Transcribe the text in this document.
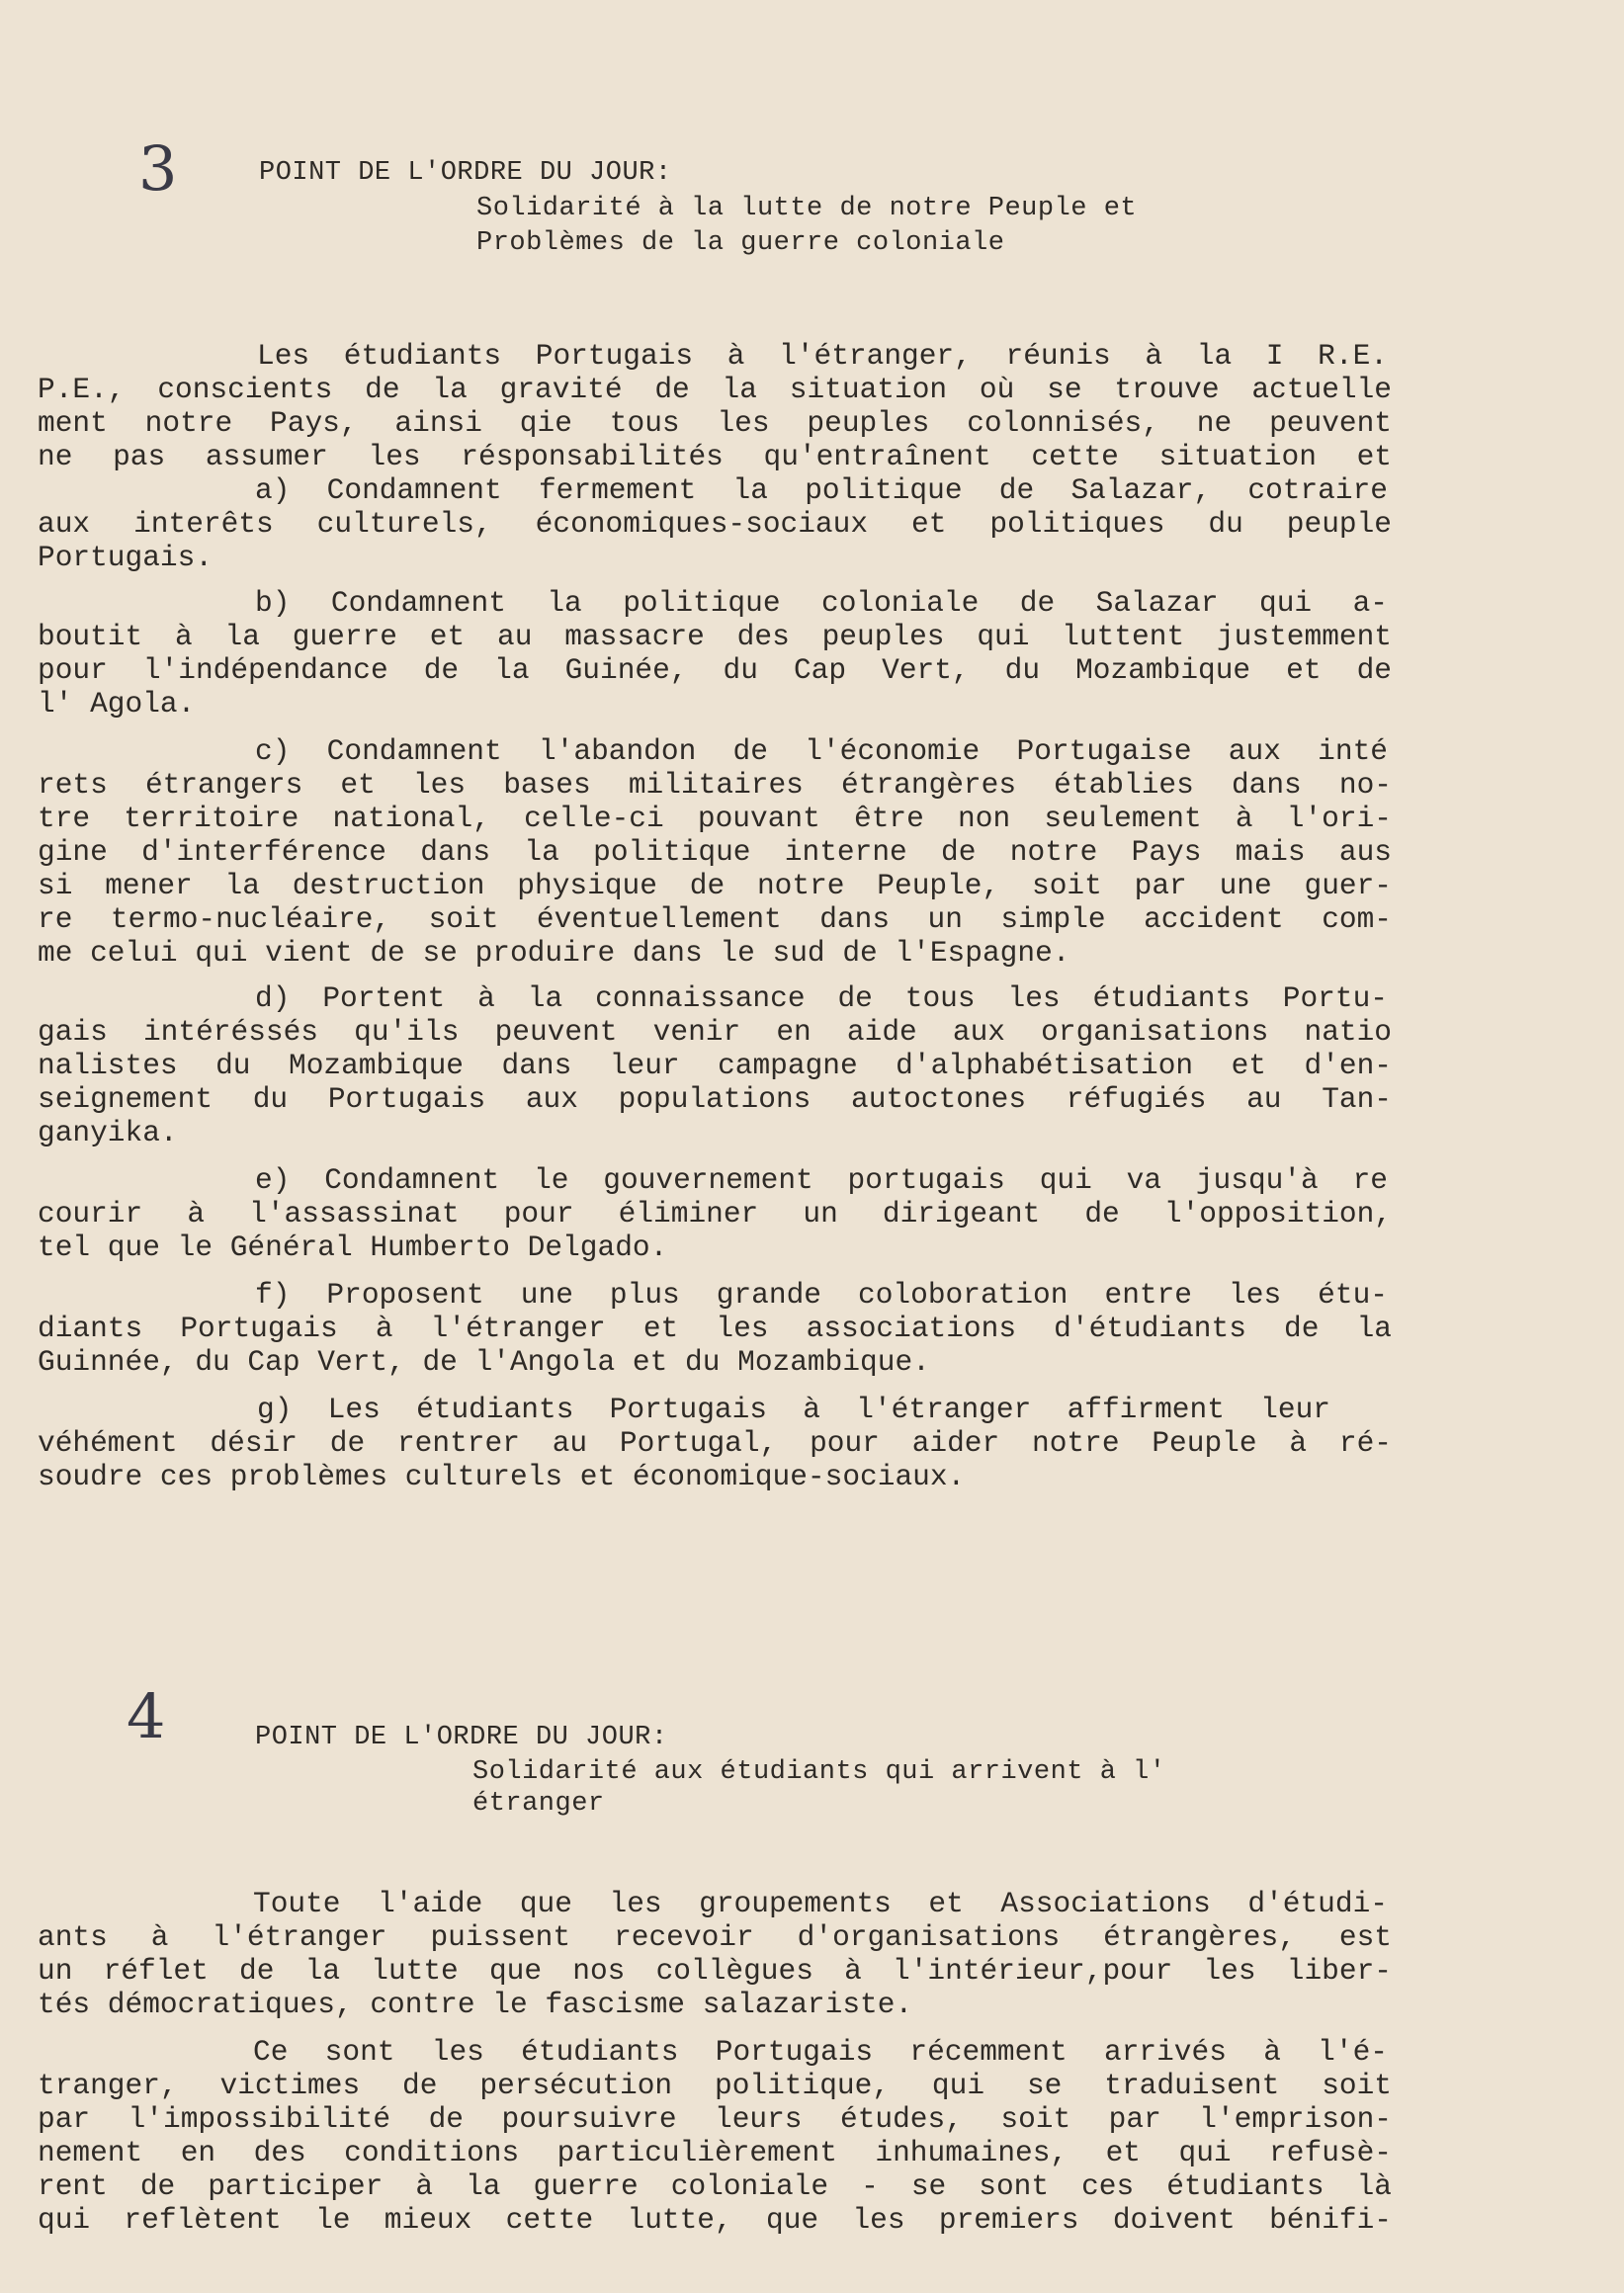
3	POINT DE L'ORDRE DU JOUR:
Solidarité à la lutte de notre Peuple et
Problèmes de la guerre coloniale
Les étudiants Portugais à l'étranger, réunis à la I R.E.
P.E., conscients de la gravité de la situation où se trouve actuelle
ment notre Pays, ainsi qie tous les peuples colonnisés, ne peuvent
ne pas assumer les résponsabilités qu'entraînent cette situation et
a) Condamnent fermement la politique de Salazar, cotraire
aux interêts culturels, économiques-sociaux et politiques du peuple
Portugais.
b) Condamnent la politique coloniale de Salazar qui a-
boutit à la guerre et au massacre des peuples qui luttent justemment
pour l'indépendance de la Guinée, du Cap Vert, du Mozambique et de
l' Agola.
c) Condamnent l'abandon de l'économie Portugaise aux inté
rets étrangers et les bases militaires étrangères établies dans no-
tre territoire national, celle-ci pouvant être non seulement à l'ori-
gine d'interférence dans la politique interne de notre Pays mais aus
si mener la destruction physique de notre Peuple, soit par une guer-
re termo-nucléaire, soit éventuellement dans un simple accident com-
me celui qui vient de se produire dans le sud de l'Espagne.
d) Portent à la connaissance de tous les étudiants Portu-
gais intéréssés qu'ils peuvent venir en aide aux organisations natio
nalistes du Mozambique dans leur campagne d'alphabétisation et d'en-
seignement du Portugais aux populations autoctones réfugiés au Tan-
ganyika.
e) Condamnent le gouvernement portugais qui va jusqu'à re
courir à l'assassinat pour éliminer un dirigeant de l'opposition,
tel que le Général Humberto Delgado.
f) Proposent une plus grande coloboration entre les étu-
diants Portugais à l'étranger et les associations d'étudiants de la
Guinnée, du Cap Vert, de l'Angola et du Mozambique.
g) Les étudiants Portugais à l'étranger affirment leur
véhément désir de rentrer au Portugal, pour aider notre Peuple à ré-
soudre ces problèmes culturels et économique-sociaux.
4	POINT DE L'ORDRE DU JOUR:
Solidarité aux étudiants qui arrivent à l'
étranger
Toute l'aide que les groupements et Associations d'étudi-
ants à l'étranger puissent recevoir d'organisations étrangères, est
un réflet de la lutte que nos collègues à l'intérieur,pour les liber-
tés démocratiques, contre le fascisme salazariste.
Ce sont les étudiants Portugais récemment arrivés à l'é-
tranger, victimes de persécution politique, qui se traduisent soit
par l'impossibilité de poursuivre leurs études, soit par l'emprison-
nement en des conditions particulièrement inhumaines, et qui refusè-
rent de participer à la guerre coloniale - se sont ces étudiants là
qui reflètent le mieux cette lutte, que les premiers doivent bénifi-
